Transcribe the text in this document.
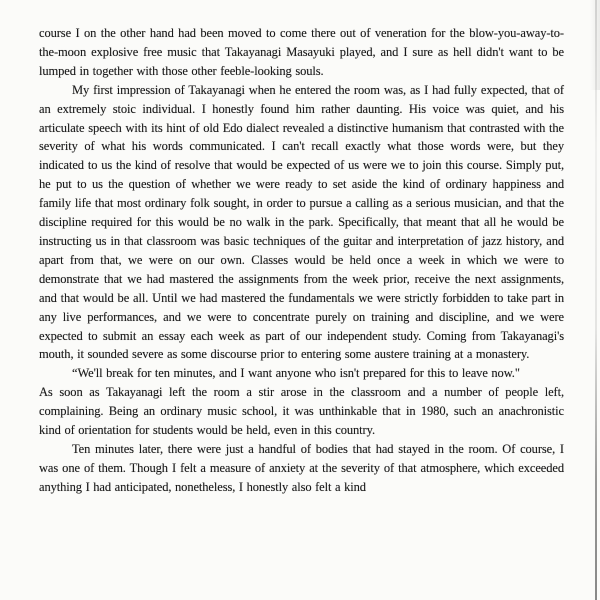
course I on the other hand had been moved to come there out of veneration for the blow-you-away-to-the-moon explosive free music that Takayanagi Masayuki played, and I sure as hell didn't want to be lumped in together with those other feeble-looking souls.

My first impression of Takayanagi when he entered the room was, as I had fully expected, that of an extremely stoic individual. I honestly found him rather daunting. His voice was quiet, and his articulate speech with its hint of old Edo dialect revealed a distinctive humanism that contrasted with the severity of what his words communicated. I can't recall exactly what those words were, but they indicated to us the kind of resolve that would be expected of us were we to join this course. Simply put, he put to us the question of whether we were ready to set aside the kind of ordinary happiness and family life that most ordinary folk sought, in order to pursue a calling as a serious musician, and that the discipline required for this would be no walk in the park. Specifically, that meant that all he would be instructing us in that classroom was basic techniques of the guitar and interpretation of jazz history, and apart from that, we were on our own. Classes would be held once a week in which we were to demonstrate that we had mastered the assignments from the week prior, receive the next assignments, and that would be all. Until we had mastered the fundamentals we were strictly forbidden to take part in any live performances, and we were to concentrate purely on training and discipline, and we were expected to submit an essay each week as part of our independent study. Coming from Takayanagi's mouth, it sounded severe as some discourse prior to entering some austere training at a monastery.

“We'll break for ten minutes, and I want anyone who isn't prepared for this to leave now."

As soon as Takayanagi left the room a stir arose in the classroom and a number of people left, complaining. Being an ordinary music school, it was unthinkable that in 1980, such an anachronistic kind of orientation for students would be held, even in this country.

Ten minutes later, there were just a handful of bodies that had stayed in the room. Of course, I was one of them. Though I felt a measure of anxiety at the severity of that atmosphere, which exceeded anything I had anticipated, nonetheless, I honestly also felt a kind
